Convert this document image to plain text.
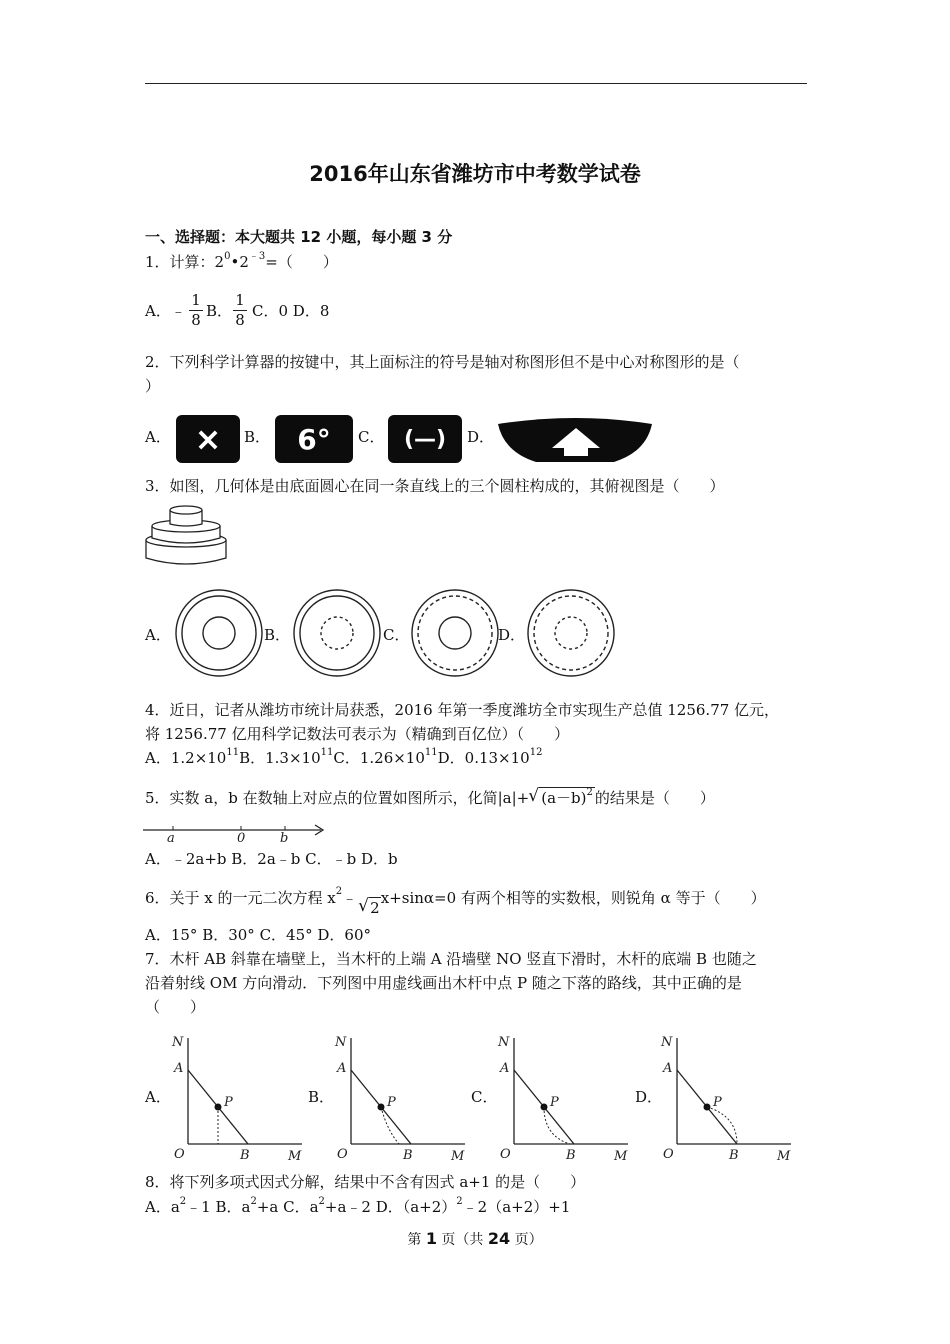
2016年山东省潍坊市中考数学试卷
一、选择题：本大题共 12 小题，每小题 3 分
1．计算：$2^0•2^{﹣3}=$（　　）
A．﹣
1
8 B．
1
8 C．0 D．8
2．下列科学计算器的按键中，其上面标注的符号是轴对称图形但不是中心对称图形的是（
）
A． ×	B． 6°	C． (—)	D．
3．如图，几何体是由底面圆心在同一条直线上的三个圆柱构成的，其俯视图是（　　）
A．	B．	C．	D．
4．近日，记者从潍坊市统计局获悉，2016 年第一季度潍坊全市实现生产总值 1256.77 亿元，
将 1256.77 亿用科学记数法可表示为（精确到百亿位）（　　）
A．$1.2\times 10^{11}B$．$1.3\times 10^{11}C$．$1.26\times 10^{11}D$．$0.13\times 10^{12}$
5．实数 a，b 在数轴上对应点的位置如图所示，化简|a|+ √ $(a-b)^2$ 的结果是（　　）
a	0	b
A．﹣2a+b B．2a﹣b C．﹣b D．b
6．关于 x 的一元二次方程 $x^2﹣$ √ 2x+sinα=0 有两个相等的实数根，则锐角 α 等于（　　）
A．15° B．30° C．45° D．60°
7．木杆 AB 斜靠在墙壁上，当木杆的上端 A 沿墙壁 NO 竖直下滑时，木杆的底端 B 也随之
沿着射线 OM 方向滑动．下列图中用虚线画出木杆中点 P 随之下落的路线，其中正确的是
（　　）
A．	B．	C．	D．
N
A
P
O	B	M
N
A
P
O	B	M
N
A
P
O	B	M
N
A
P
O	B	M
8．将下列多项式因式分解，结果中不含有因式 a+1 的是（　　）
A．$a^2﹣1$ B．$a^2+a$ C．$a^2+a﹣2$ D．$(a+2)^2﹣2(a+2)+1$
第 1 页（共 24 页）
